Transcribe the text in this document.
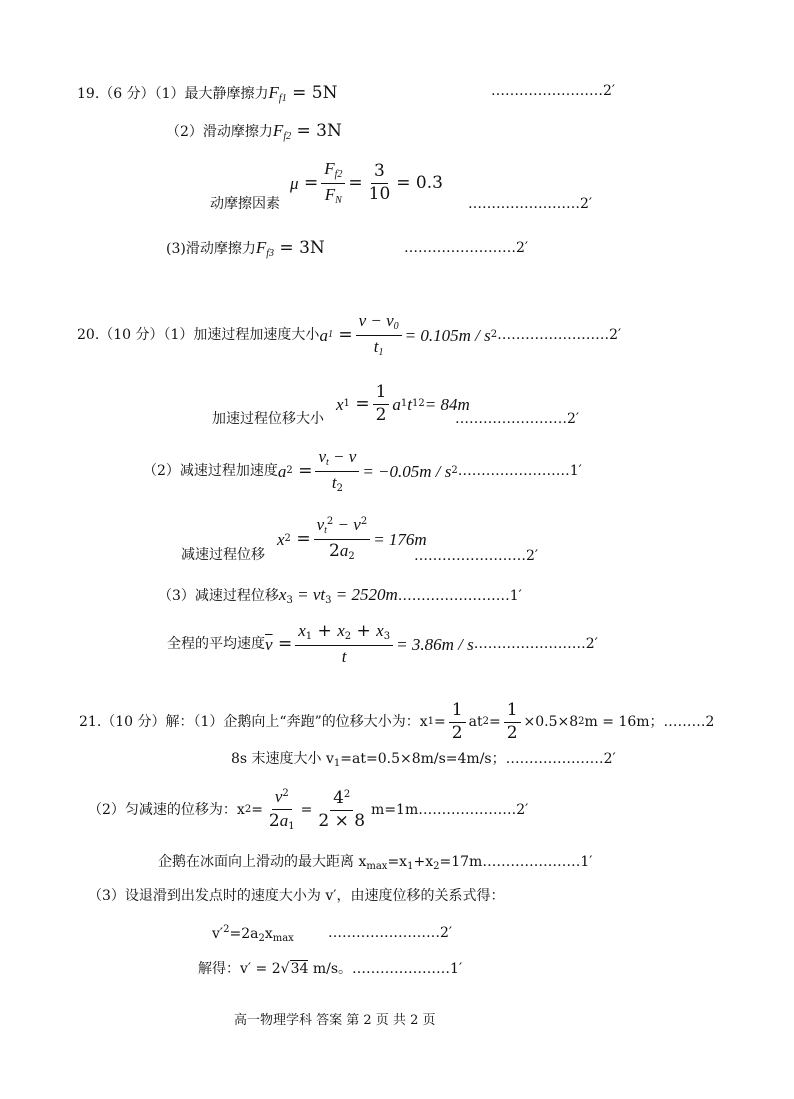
19.（6 分）（1）最大静摩擦力$F_{f1} = 5N$	……………………2′
（2）滑动摩擦力$F_{f2} = 3N$
动摩擦因素
$\mu = \frac{F_{f2}}{F_N} = \frac{3}{10} = 0.3$
……………………2′
(3)滑动摩擦力$F_{f3} = 3N$	……………………2′
20.（10 分）（1）加速过程加速度大小 a $1 = \frac{v - v_0}{t_1} = 0.105m / s$ 2 ……………………2′
x $1 = \frac{1}{2}$ a 1 t 1 2 = 84m
加速过程位移大小	……………………2′
（2）减速过程加速度 a $2 = \frac{v_t - v}{t_2} = -0.05m / s$ 2 ……………………1′
x $2 = \frac{v_t^2 - v^2}{2a_2} = 176m$
减速过程位移	……………………2′
（3）减速过程位移$x_3 = vt_3$ = 2520m……………………1′
全程的平均速度 $\overline{v} = \frac{x_1 + x_2 + x_3}{t} = 3.86m / s$ ……………………2′
21.（10 分）解：（1）企鹅向上“奔跑”的位移大小为：x $1 = \frac{1}{2}$ at $2 = \frac{1}{2} \times 0.5\times 8$ 2 m = 16m； ………2
8s 末速度大小 $v_1=at=0.5\times 8m/s=4m/s$；…………………2′
（2）匀减速的位移为：x $2 = \frac{v^2}{2a_1} = \frac{4^2}{2 \times 8} m=1m$ …………………2′
企鹅在冰面向上滑动的最大距离 $x_{max}=x_1+x_2=17m\dots\dots\dots\dots\dots\dots\dots 1'$
（3）设退滑到出发点时的速度大小为 v′，由速度位移的关系式得：
$v'^2=2a_2x_{max}$ ……………………2′
解得：v′ = 2√34 m/s。…………………1′
高一物理学科 答案 第 2 页 共 2 页
